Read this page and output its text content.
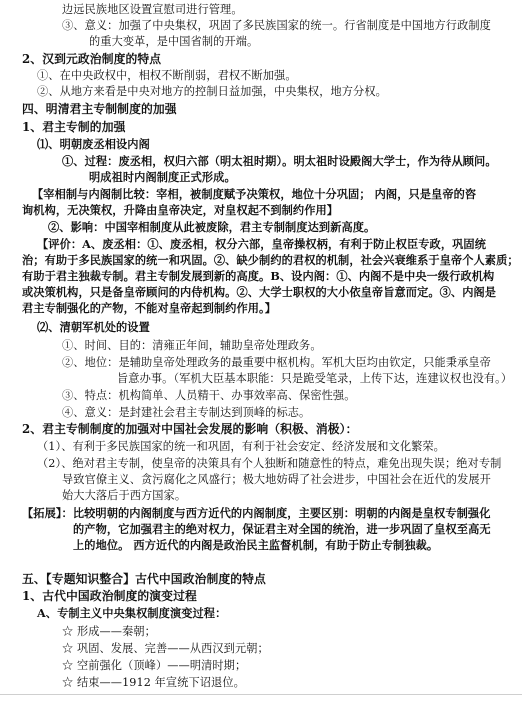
边远民族地区设置宣慰司进行管理。
③、意义：加强了中央集权，巩固了多民族国家的统一。行省制度是中国地方行政制度
的重大变革，是中国省制的开端。
2、汉到元政治制度的特点
①、在中央政权中，相权不断削弱，君权不断加强。
②、从地方来看是中央对地方的控制日益加强，中央集权，地方分权。
四、明清君主专制制度的加强
1、君主专制的加强
⑴、明朝废丞相设内阁
①、过程：废丞相，权归六部（明太祖时期）。明太祖时设殿阁大学士，作为待从顾问。
明成祖时内阁制度正式形成。
【宰相制与内阁制比较：宰相，被制度赋予决策权，地位十分巩固； 内阁，只是皇帝的咨
询机构，无决策权，升降由皇帝决定，对皇权起不到制约作用】
②、影响：中国宰相制度从此被废除，君主专制制度达到新高度。
【评价：A、废丞相：①、废丞相，权分六部，皇帝操权柄，有利于防止权臣专政，巩固统
治；有助于多民族国家的统一和巩固。②、缺少制约的君权的机制，社会兴衰维系于皇帝个人素质；
有助于君主独裁专制。君主专制发展到新的高度。B、设内阁：①、内阁不是中央一级行政机构
或决策机构，只是备皇帝顾问的内侍机构。②、大学士职权的大小依皇帝旨意而定。③、内阁是
君主专制强化的产物，不能对皇帝起到制约作用。】
⑵、清朝军机处的设置
①、时间、目的：清雍正年间，辅助皇帝处理政务。
②、地位：是辅助皇帝处理政务的最重要中枢机构。军机大臣均由钦定，只能秉承皇帝
旨意办事。（军机大臣基本职能：只是跪受笔录，上传下达，连建议权也没有。）
③、特点：机构简单、人员精干、办事效率高、保密性强。
④、意义：是封建社会君主专制达到顶峰的标志。
2、君主专制制度的加强对中国社会发展的影响（积极、消极）：
（1）、有利于多民族国家的统一和巩固，有利于社会安定、经济发展和文化繁荣。
（2）、绝对君主专制，使皇帝的决策具有个人独断和随意性的特点，难免出现失误；绝对专制
导致官僚主义、贪污腐化之风盛行；极大地妨碍了社会进步，中国社会在近代的发展开
始大大落后于西方国家。
【拓展】：比较明朝的内阁制度与西方近代的内阁制度，主要区别：明朝的内阁是皇权专制强化
的产物，它加强君主的绝对权力，保证君主对全国的统治，进一步巩固了皇权至高无
上的地位。 西方近代的内阁是政治民主监督机制，有助于防止专制独裁。
五、【专题知识整合】古代中国政治制度的特点
1、古代中国政治制度的演变过程
A、专制主义中央集权制度演变过程：
☆ 形成——秦朝；
☆ 巩固、发展、完善——从西汉到元朝；
☆ 空前强化（顶峰）——明清时期；
☆ 结束——1912 年宣统下诏退位。
